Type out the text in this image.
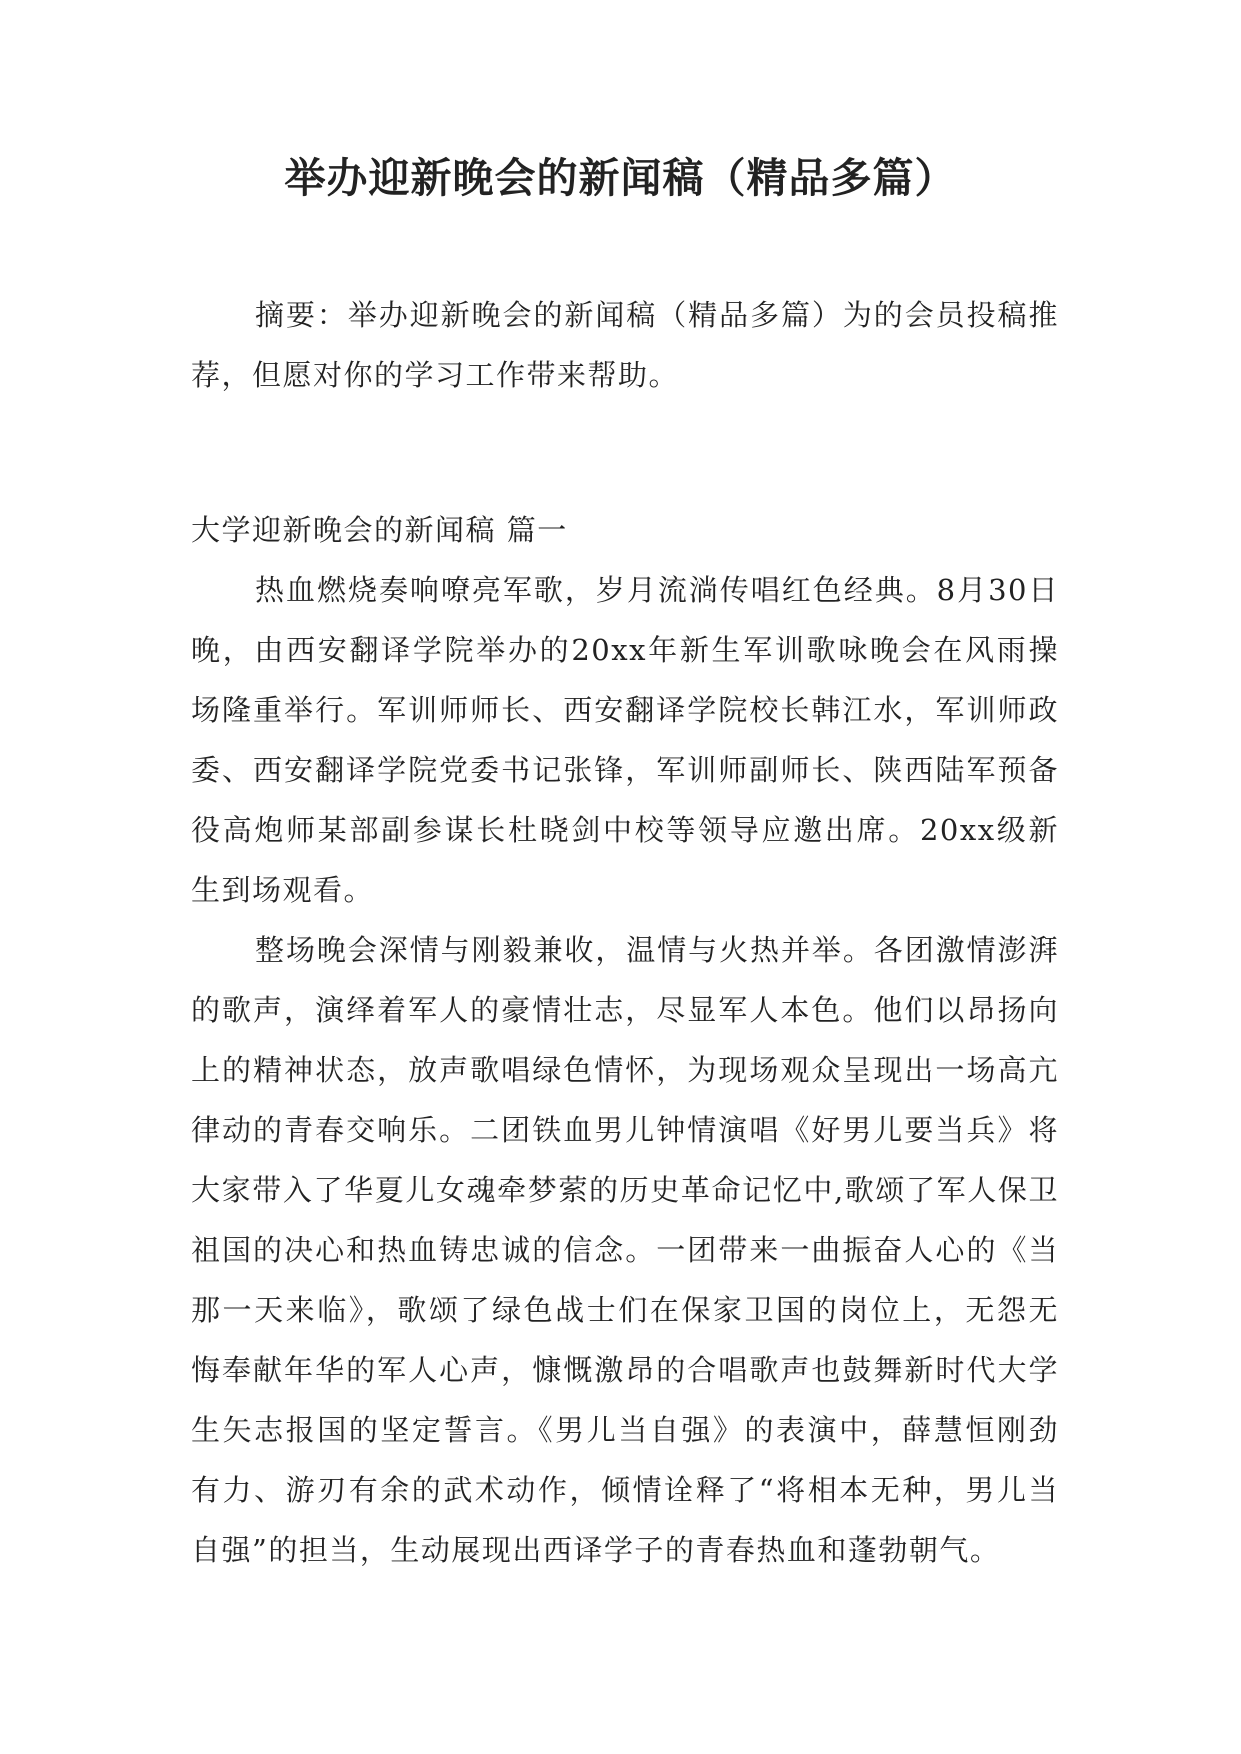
举办迎新晚会的新闻稿（精品多篇）

摘要：举办迎新晚会的新闻稿（精品多篇）为的会员投稿推荐，但愿对你的学习工作带来帮助。

大学迎新晚会的新闻稿 篇一

热血燃烧奏响嘹亮军歌，岁月流淌传唱红色经典。8月30日晚，由西安翻译学院举办的20xx年新生军训歌咏晚会在风雨操场隆重举行。军训师师长、西安翻译学院校长韩江水，军训师政委、西安翻译学院党委书记张锋，军训师副师长、陕西陆军预备役高炮师某部副参谋长杜晓剑中校等领导应邀出席。20xx级新生到场观看。

整场晚会深情与刚毅兼收，温情与火热并举。各团激情澎湃的歌声，演绎着军人的豪情壮志，尽显军人本色。他们以昂扬向上的精神状态，放声歌唱绿色情怀，为现场观众呈现出一场高亢律动的青春交响乐。二团铁血男儿钟情演唱《好男儿要当兵》将大家带入了华夏儿女魂牵梦萦的历史革命记忆中,歌颂了军人保卫祖国的决心和热血铸忠诚的信念。一团带来一曲振奋人心的《当那一天来临》，歌颂了绿色战士们在保家卫国的岗位上，无怨无悔奉献年华的军人心声，慷慨激昂的合唱歌声也鼓舞新时代大学生矢志报国的坚定誓言。《男儿当自强》的表演中，薛慧恒刚劲有力、游刃有余的武术动作，倾情诠释了“将相本无种，男儿当自强”的担当，生动展现出西译学子的青春热血和蓬勃朝气。
